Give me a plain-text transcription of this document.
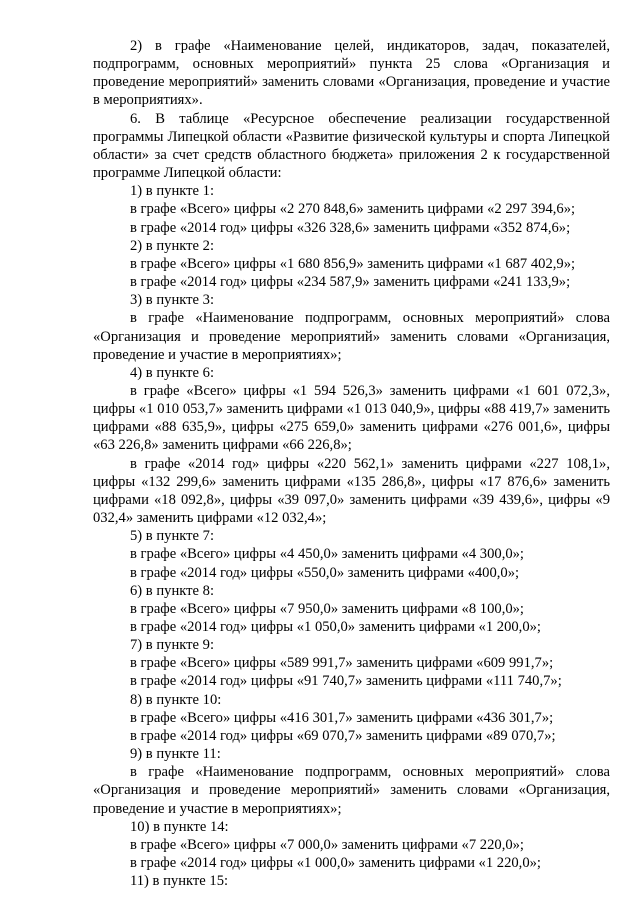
2) в графе «Наименование целей, индикаторов, задач, показателей, подпрограмм, основных мероприятий» пункта 25 слова «Организация и проведение мероприятий» заменить словами «Организация, проведение и участие в мероприятиях».

6. В таблице «Ресурсное обеспечение реализации государственной программы Липецкой области «Развитие физической культуры и спорта Липецкой области» за счет средств областного бюджета» приложения 2 к государственной программе Липецкой области:

1) в пункте 1:

в графе «Всего» цифры «2 270 848,6» заменить цифрами «2 297 394,6»;

в графе «2014 год» цифры «326 328,6» заменить цифрами «352 874,6»;

2) в пункте 2:

в графе «Всего» цифры «1 680 856,9» заменить цифрами «1 687 402,9»;

в графе «2014 год» цифры «234 587,9» заменить цифрами «241 133,9»;

3) в пункте 3:

в графе «Наименование подпрограмм, основных мероприятий» слова «Организация и проведение мероприятий» заменить словами «Организация, проведение и участие в мероприятиях»;

4) в пункте 6:

в графе «Всего» цифры «1 594 526,3» заменить цифрами «1 601 072,3», цифры «1 010 053,7» заменить цифрами «1 013 040,9», цифры «88 419,7» заменить цифрами «88 635,9», цифры «275 659,0» заменить цифрами «276 001,6», цифры «63 226,8» заменить цифрами «66 226,8»;

в графе «2014 год» цифры «220 562,1» заменить цифрами «227 108,1», цифры «132 299,6» заменить цифрами «135 286,8», цифры «17 876,6» заменить цифрами «18 092,8», цифры «39 097,0» заменить цифрами «39 439,6», цифры «9 032,4» заменить цифрами «12 032,4»;

5) в пункте 7:

в графе «Всего» цифры «4 450,0» заменить цифрами «4 300,0»;

в графе «2014 год» цифры «550,0» заменить цифрами «400,0»;

6) в пункте 8:

в графе «Всего» цифры «7 950,0» заменить цифрами «8 100,0»;

в графе «2014 год» цифры «1 050,0» заменить цифрами «1 200,0»;

7) в пункте 9:

в графе «Всего» цифры «589 991,7» заменить цифрами «609 991,7»;

в графе «2014 год» цифры «91 740,7» заменить цифрами «111 740,7»;

8) в пункте 10:

в графе «Всего» цифры «416 301,7» заменить цифрами «436 301,7»;

в графе «2014 год» цифры «69 070,7» заменить цифрами «89 070,7»;

9) в пункте 11:

в графе «Наименование подпрограмм, основных мероприятий» слова «Организация и проведение мероприятий» заменить словами «Организация, проведение и участие в мероприятиях»;

10) в пункте 14:

в графе «Всего» цифры «7 000,0» заменить цифрами «7 220,0»;

в графе «2014 год» цифры «1 000,0» заменить цифрами «1 220,0»;

11) в пункте 15:
